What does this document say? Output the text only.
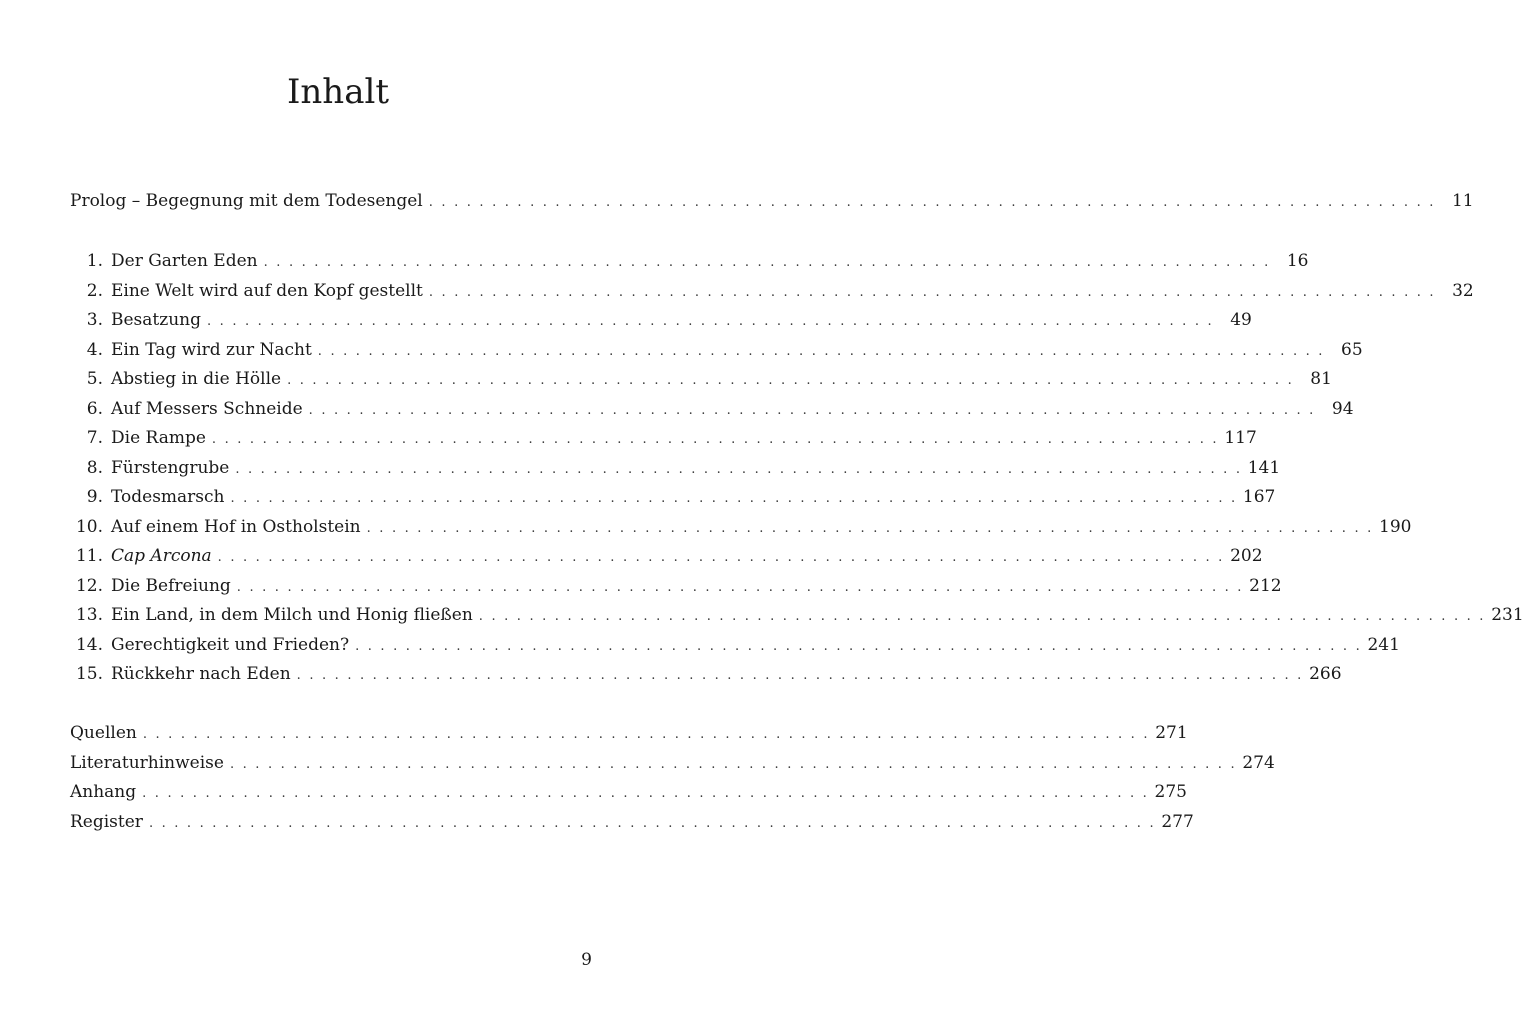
Inhalt
Prolog – Begegnung mit dem Todesengel . . . . . . . . . . . . . . . . . . . . . . . . . . . . . . . . . . . . . . . . . . . . . . . . . . . . . . . . . . . . . . . . . . . . . . . . . . . . . . . . 11
1. Der Garten Eden . . . . . . . . . . . . . . . . . . . . . . . . . . . . . . . . . . . . . . . . . . . . . . . . . . . . . . . . . . . . . . . . . . . . . . . . . . . . . . . . 16
2. Eine Welt wird auf den Kopf gestellt . . . . . . . . . . . . . . . . . . . . . . . . . . . . . . . . . . . . . . . . . . . . . . . . . . . . . . . . . . . . . . . . . . . . . . . . . . . . . . . . 32
3. Besatzung . . . . . . . . . . . . . . . . . . . . . . . . . . . . . . . . . . . . . . . . . . . . . . . . . . . . . . . . . . . . . . . . . . . . . . . . . . . . . . . . 49
4. Ein Tag wird zur Nacht . . . . . . . . . . . . . . . . . . . . . . . . . . . . . . . . . . . . . . . . . . . . . . . . . . . . . . . . . . . . . . . . . . . . . . . . . . . . . . . . 65
5. Abstieg in die Hölle . . . . . . . . . . . . . . . . . . . . . . . . . . . . . . . . . . . . . . . . . . . . . . . . . . . . . . . . . . . . . . . . . . . . . . . . . . . . . . . . 81
6. Auf Messers Schneide . . . . . . . . . . . . . . . . . . . . . . . . . . . . . . . . . . . . . . . . . . . . . . . . . . . . . . . . . . . . . . . . . . . . . . . . . . . . . . . . 94
7. Die Rampe . . . . . . . . . . . . . . . . . . . . . . . . . . . . . . . . . . . . . . . . . . . . . . . . . . . . . . . . . . . . . . . . . . . . . . . . . . . . . . . . 117
8. Fürstengrube . . . . . . . . . . . . . . . . . . . . . . . . . . . . . . . . . . . . . . . . . . . . . . . . . . . . . . . . . . . . . . . . . . . . . . . . . . . . . . . . 141
9. Todesmarsch . . . . . . . . . . . . . . . . . . . . . . . . . . . . . . . . . . . . . . . . . . . . . . . . . . . . . . . . . . . . . . . . . . . . . . . . . . . . . . . . 167
10. Auf einem Hof in Ostholstein . . . . . . . . . . . . . . . . . . . . . . . . . . . . . . . . . . . . . . . . . . . . . . . . . . . . . . . . . . . . . . . . . . . . . . . . . . . . . . . . 190
11. Cap Arcona . . . . . . . . . . . . . . . . . . . . . . . . . . . . . . . . . . . . . . . . . . . . . . . . . . . . . . . . . . . . . . . . . . . . . . . . . . . . . . . . 202
12. Die Befreiung . . . . . . . . . . . . . . . . . . . . . . . . . . . . . . . . . . . . . . . . . . . . . . . . . . . . . . . . . . . . . . . . . . . . . . . . . . . . . . . . 212
13. Ein Land, in dem Milch und Honig fließen . . . . . . . . . . . . . . . . . . . . . . . . . . . . . . . . . . . . . . . . . . . . . . . . . . . . . . . . . . . . . . . . . . . . . . . . . . . . . . . . 231
14. Gerechtigkeit und Frieden? . . . . . . . . . . . . . . . . . . . . . . . . . . . . . . . . . . . . . . . . . . . . . . . . . . . . . . . . . . . . . . . . . . . . . . . . . . . . . . . . 241
15. Rückkehr nach Eden . . . . . . . . . . . . . . . . . . . . . . . . . . . . . . . . . . . . . . . . . . . . . . . . . . . . . . . . . . . . . . . . . . . . . . . . . . . . . . . . 266
Quellen . . . . . . . . . . . . . . . . . . . . . . . . . . . . . . . . . . . . . . . . . . . . . . . . . . . . . . . . . . . . . . . . . . . . . . . . . . . . . . . . 271
Literaturhinweise . . . . . . . . . . . . . . . . . . . . . . . . . . . . . . . . . . . . . . . . . . . . . . . . . . . . . . . . . . . . . . . . . . . . . . . . . . . . . . . . 274
Anhang . . . . . . . . . . . . . . . . . . . . . . . . . . . . . . . . . . . . . . . . . . . . . . . . . . . . . . . . . . . . . . . . . . . . . . . . . . . . . . . . 275
Register . . . . . . . . . . . . . . . . . . . . . . . . . . . . . . . . . . . . . . . . . . . . . . . . . . . . . . . . . . . . . . . . . . . . . . . . . . . . . . . . 277
9
